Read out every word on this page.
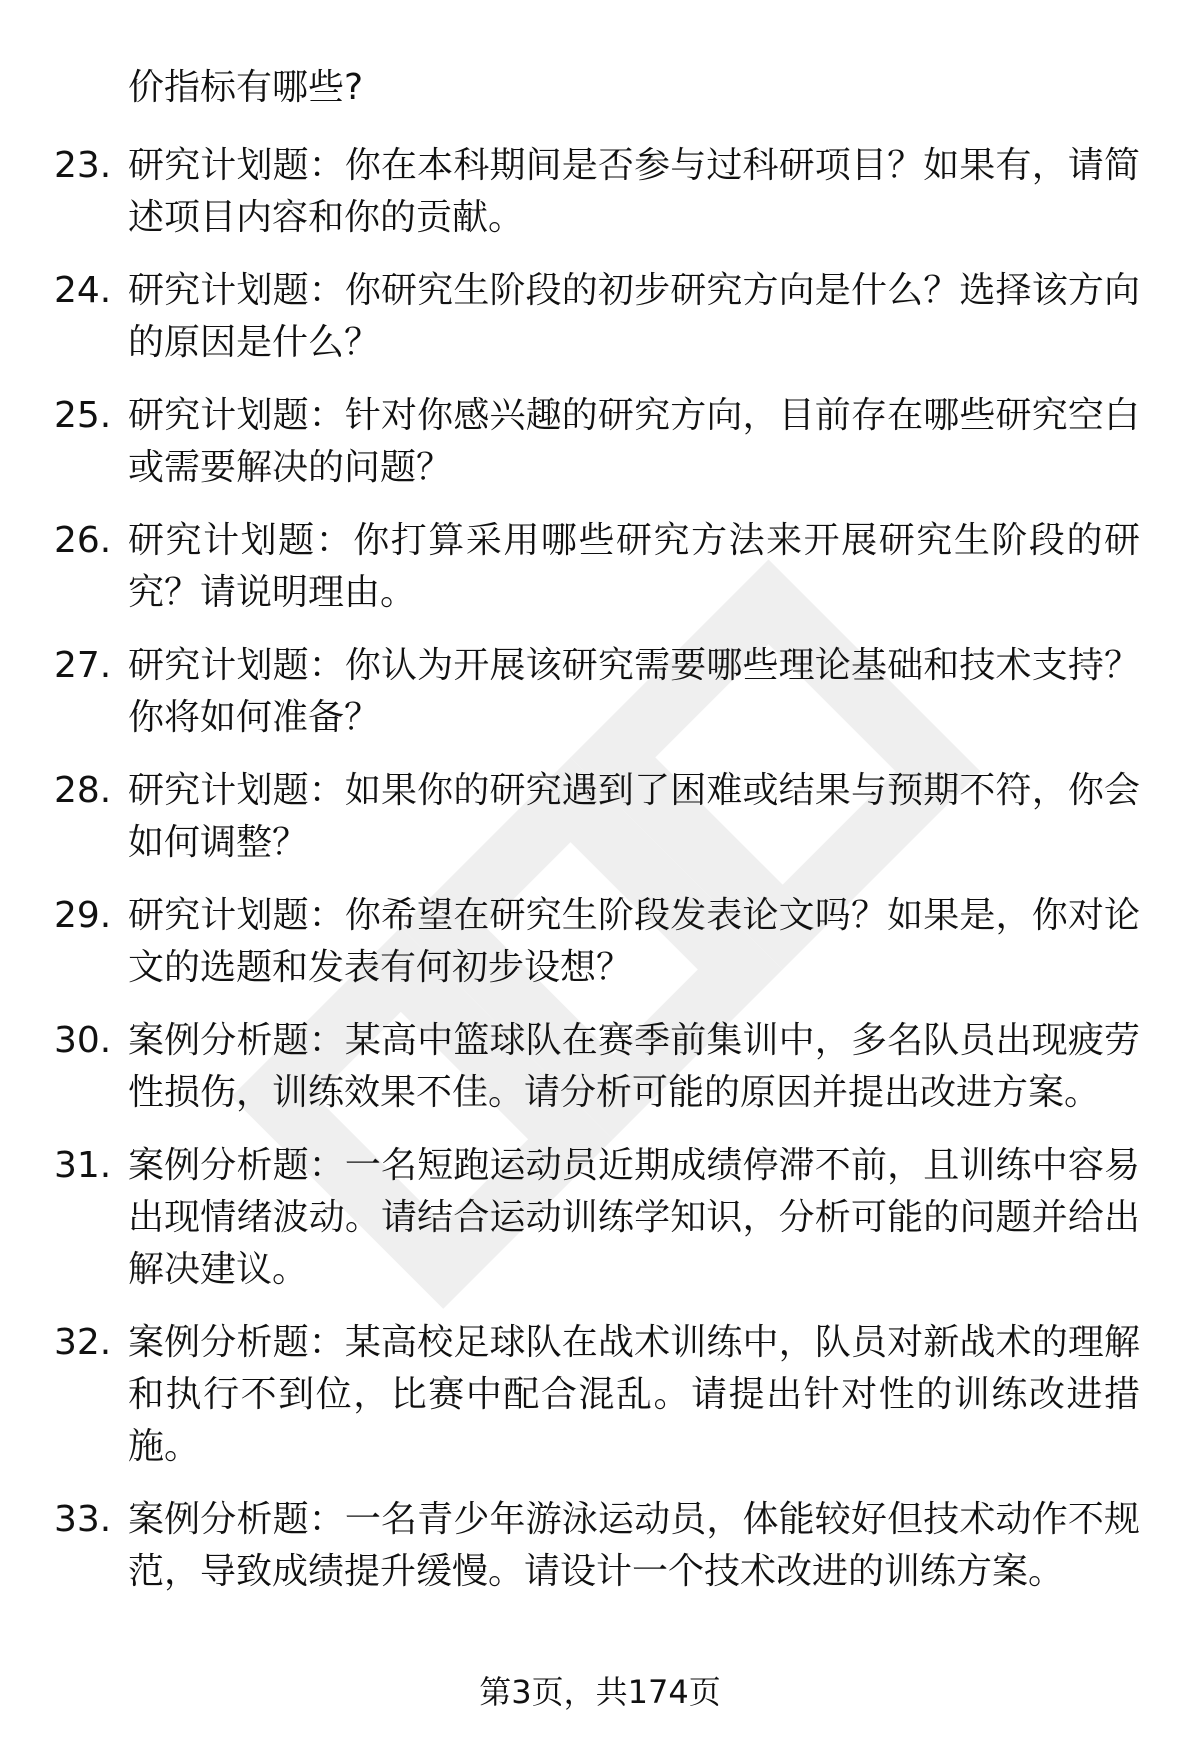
价指标有哪些?

23. 研究计划题：你在本科期间是否参与过科研项目？如果有，请简述项目内容和你的贡献。
24. 研究计划题：你研究生阶段的初步研究方向是什么？选择该方向的原因是什么？
25. 研究计划题：针对你感兴趣的研究方向，目前存在哪些研究空白或需要解决的问题？
26. 研究计划题：你打算采用哪些研究方法来开展研究生阶段的研究？请说明理由。
27. 研究计划题：你认为开展该研究需要哪些理论基础和技术支持？你将如何准备？
28. 研究计划题：如果你的研究遇到了困难或结果与预期不符，你会如何调整？
29. 研究计划题：你希望在研究生阶段发表论文吗？如果是，你对论文的选题和发表有何初步设想？
30. 案例分析题：某高中篮球队在赛季前集训中，多名队员出现疲劳性损伤，训练效果不佳。请分析可能的原因并提出改进方案。
31. 案例分析题：一名短跑运动员近期成绩停滞不前，且训练中容易出现情绪波动。请结合运动训练学知识，分析可能的问题并给出解决建议。
32. 案例分析题：某高校足球队在战术训练中，队员对新战术的理解和执行不到位，比赛中配合混乱。请提出针对性的训练改进措施。
33. 案例分析题：一名青少年游泳运动员，体能较好但技术动作不规范，导致成绩提升缓慢。请设计一个技术改进的训练方案。
第3页，共174页
